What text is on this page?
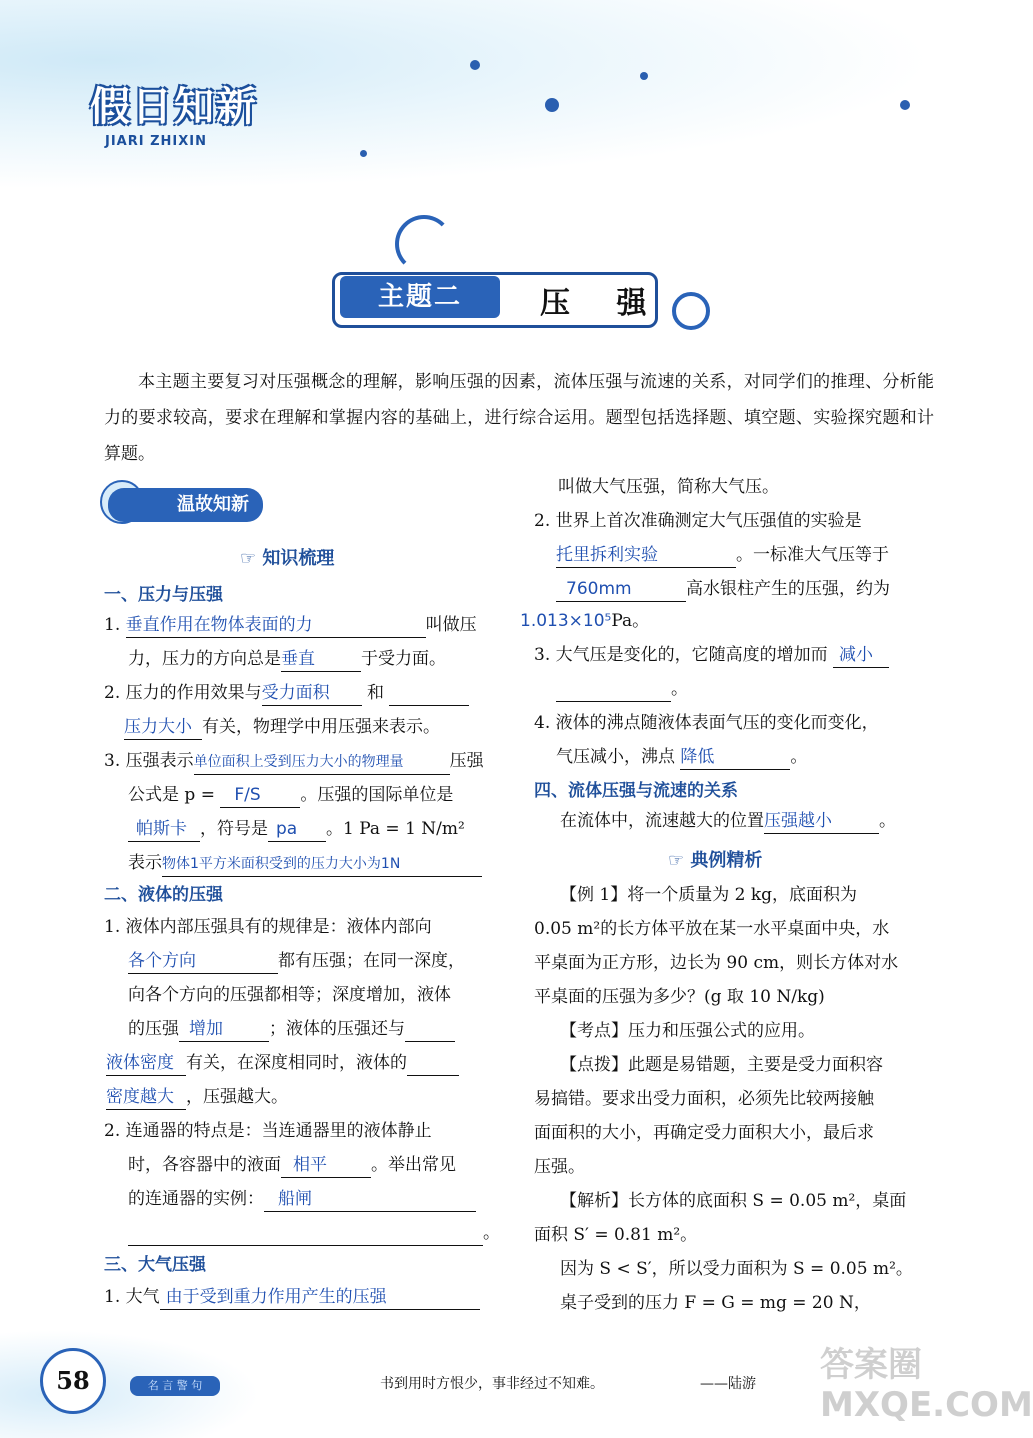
假日知新
JIARI ZHIXIN
主题二	压 强
本主题主要复习对压强概念的理解，影响压强的因素，流体压强与流速的关系，对同学们的推理、分析能力的要求较高，要求在理解和掌握内容的基础上，进行综合运用。题型包括选择题、填空题、实验探究题和计算题。
温故知新
☞ 知识梳理
一、压力与压强
1. 垂直作用在物体表面的力	叫做压
力，压力的方向总是垂直	于受力面。
2. 压力的作用效果与受力面积 和
压力大小 有关，物理学中用压强来表示。
3. 压强表示单位面积上受到压力大小的物理量	压强
公式是 p = F/S 。压强的国际单位是
帕斯卡 ，符号是 pa 。1 Pa = 1 N/m²
表示物体1平方米面积受到的压力大小为1N
二、液体的压强
1. 液体内部压强具有的规律是：液体内部向
各个方向	都有压强；在同一深度，
向各个方向的压强都相等；深度增加，液体
的压强 增加	；液体的压强还与
液体密度 有关，在深度相同时，液体的
密度越大 ，压强越大。
2. 连通器的特点是：当连通器里的液体静止
时，各容器中的液面 相平	。举出常见
的连通器的实例： 船闸
。
三、大气压强
1. 大气 由于受到重力作用产生的压强
叫做大气压强，简称大气压。
2. 世界上首次准确测定大气压强值的实验是
托里拆利实验	。一标准大气压等于
760mm	高水银柱产生的压强，约为
1.013×10⁵Pa。
3. 大气压是变化的，它随高度的增加而 减小
。
4. 液体的沸点随液体表面气压的变化而变化，
气压减小，沸点 降低	。
四、流体压强与流速的关系
在流体中，流速越大的位置压强越小	。
☞ 典例精析
【例 1】将一个质量为 2 kg，底面积为
0.05 m²的长方体平放在某一水平桌面中央，水
平桌面为正方形，边长为 90 cm，则长方体对水
平桌面的压强为多少？(g 取 10 N/kg)
【考点】压力和压强公式的应用。
【点拨】此题是易错题，主要是受力面积容
易搞错。要求出受力面积，必须先比较两接触
面面积的大小，再确定受力面积大小，最后求
压强。
【解析】长方体的底面积 S = 0.05 m²，桌面
面积 S′ = 0.81 m²。
因为 S < S′，所以受力面积为 S = 0.05 m²。
桌子受到的压力 F = G = mg = 20 N，
58	名 言 警 句	书到用时方恨少，事非经过不知难。	——陆游 答案圈
MXQE.COM
